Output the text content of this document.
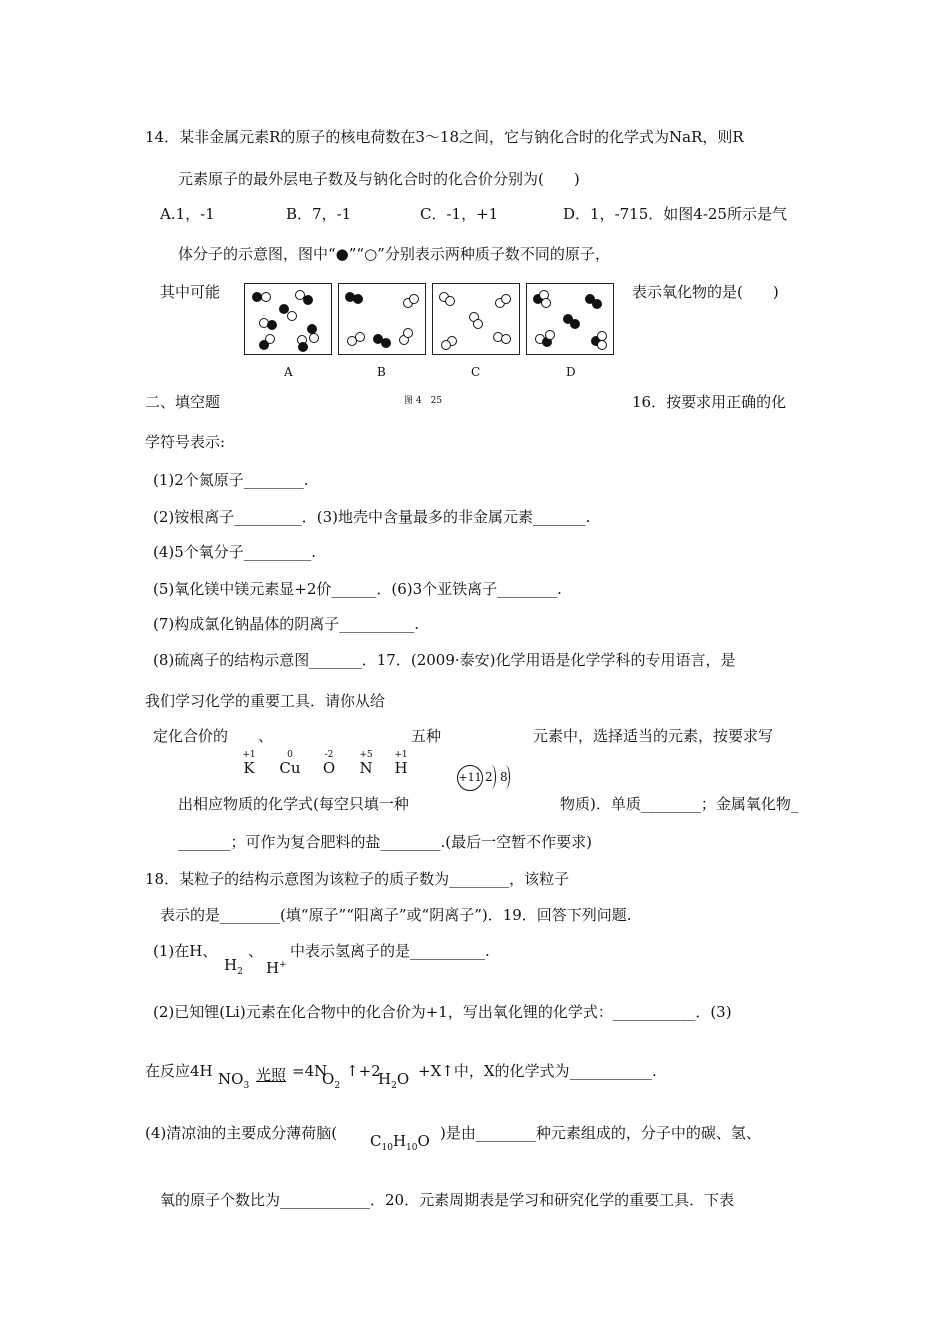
14．某非金属元素R的原子的核电荷数在3～18之间，它与钠化合时的化学式为NaR，则R
元素原子的最外层电子数及与钠化合时的化合价分别为(　　)
A.1，-1	B．7，-1	C．-1，+1	D．1，-715．如图4-25所示是气
体分子的示意图，图中“●”“○”分别表示两种质子数不同的原子，
其中可能	表示氧化物的是(　　)
A	B	C	D
图 4　25
二、填空题	16．按要求用正确的化
学符号表示:
(1)2个氮原子________.
(2)铵根离子_________．(3)地壳中含量最多的非金属元素_______.
(4)5个氧分子_________.
(5)氧化镁中镁元素显+2价______．(6)3个亚铁离子________.
(7)构成氯化钠晶体的阴离子__________.
(8)硫离子的结构示意图_______．17．(2009·泰安)化学用语是化学学科的专用语言，是
我们学习化学的重要工具．请你从给
定化合价的
+1
K
、
0
Cu
-2
O
+5
N
+1
H
五种	元素中，选择适当的元素，按要求写
+11 2 8
出相应物质的化学式(每空只填一种	物质)．单质________；金属氧化物_
_______；可作为复合肥料的盐________.(最后一空暂不作要求)
18．某粒子的结构示意图为该粒子的质子数为________，该粒子
表示的是________(填“原子”“阳离子”或“阴离子”)．19．回答下列问题.
(1)在H、
$H_2$
、
H+
中表示氢离子的是__________.
(2)已知锂(Li)元素在化合物中的化合价为+1，写出氧化锂的化学式：___________．(3)
在反应4H $NO_3$
光照 =4N
$O_2$
↑+2
$H_2O$ +X↑中，X的化学式为___________.
(4)清凉油的主要成分薄荷脑( $C_{10}H_{10}O$ )是由________种元素组成的，分子中的碳、氢、
氧的原子个数比为____________．20．元素周期表是学习和研究化学的重要工具．下表
